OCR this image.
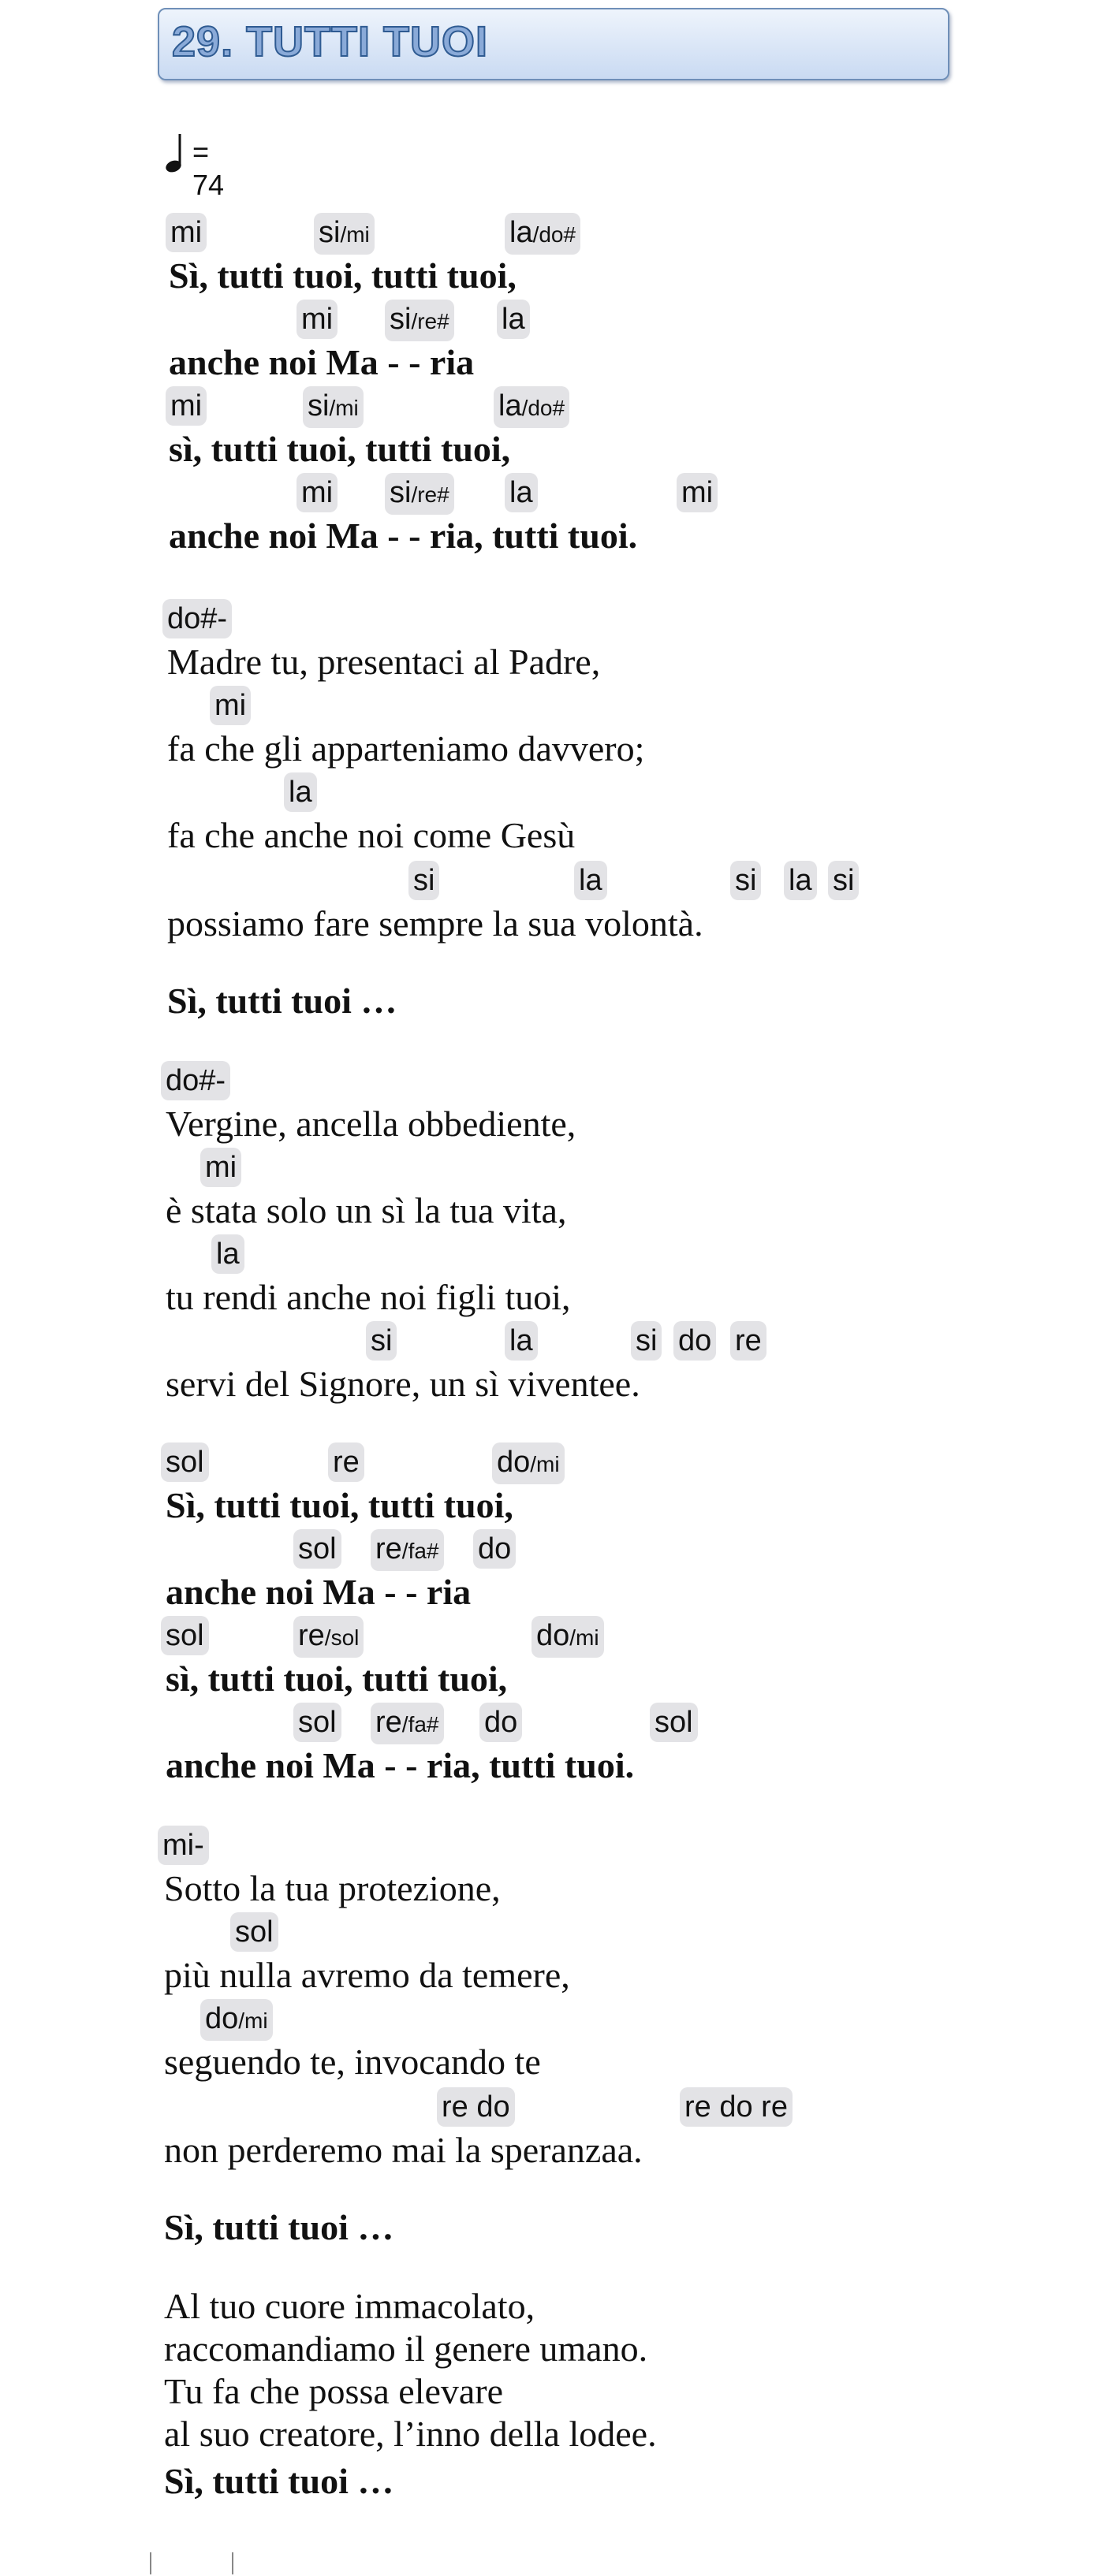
29. TUTTI TUOI
= 74
mi	si/mi	la/do#
Sì, tutti tuoi, tutti tuoi,
mi si/re# la
anche noi Ma - - ria
mi	si/mi	la/do#
sì, tutti tuoi, tutti tuoi,
mi si/re# la	mi
anche noi Ma - - ria, tutti tuoi.
do#-
Madre tu, presentaci al Padre,
mi
fa che gli apparteniamo davvero;
la
fa che anche noi come Gesù
si	la	si la si
possiamo fare sempre la sua volontà.
Sì, tutti tuoi …
do#-
Vergine, ancella obbediente,
mi
è stata solo un sì la tua vita,
la
tu rendi anche noi figli tuoi,
si	la	si do re
servi del Signore, un sì viventee.
sol	re	do/mi
Sì, tutti tuoi, tutti tuoi,
sol re/fa# do
anche noi Ma - - ria
sol	re/sol	do/mi
sì, tutti tuoi, tutti tuoi,
sol re/fa# do	sol
anche noi Ma - - ria, tutti tuoi.
mi-
Sotto la tua protezione,
sol
più nulla avremo da temere,
do/mi
seguendo te, invocando te
re do	re do re
non perderemo mai la speranzaa.
Sì, tutti tuoi …
Al tuo cuore immacolato,
raccomandiamo il genere umano.
Tu fa che possa elevare
al suo creatore, l’inno della lodee.
Sì, tutti tuoi …
